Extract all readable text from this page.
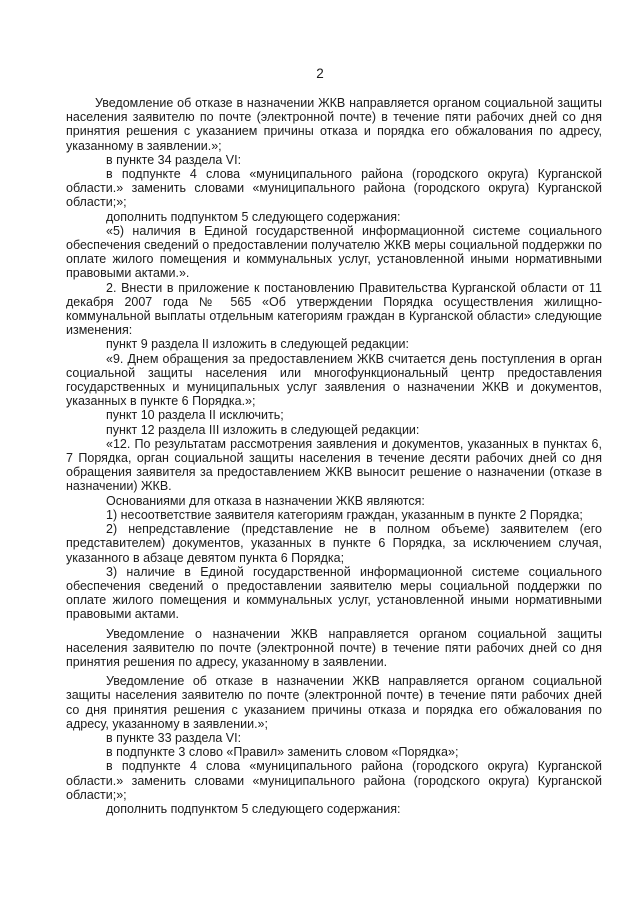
2

Уведомление об отказе в назначении ЖКВ направляется органом социальной защиты населения заявителю по почте (электронной почте) в течение пяти рабочих дней со дня принятия решения с указанием причины отказа и порядка его обжалования по адресу, указанному в заявлении.»;

в пункте 34 раздела VI:

в подпункте 4 слова «муниципального района (городского округа) Курганской области.» заменить словами «муниципального района (городского округа) Курганской области;»;

дополнить подпунктом 5 следующего содержания:

«5) наличия в Единой государственной информационной системе социального обеспечения сведений о предоставлении получателю ЖКВ меры социальной поддержки по оплате жилого помещения и коммунальных услуг, установленной иными нормативными правовыми актами.».

2. Внести в приложение к постановлению Правительства Курганской области от 11 декабря 2007 года № 565 «Об утверждении Порядка осуществления жилищно-коммунальной выплаты отдельным категориям граждан в Курганской области» следующие изменения:

пункт 9 раздела II изложить в следующей редакции:

«9. Днем обращения за предоставлением ЖКВ считается день поступления в орган социальной защиты населения или многофункциональный центр предоставления государственных и муниципальных услуг заявления о назначении ЖКВ и документов, указанных в пункте 6 Порядка.»;

пункт 10 раздела II исключить;

пункт 12 раздела III изложить в следующей редакции:

«12. По результатам рассмотрения заявления и документов, указанных в пунктах 6, 7 Порядка, орган социальной защиты населения в течение десяти рабочих дней со дня обращения заявителя за предоставлением ЖКВ выносит решение о назначении (отказе в назначении) ЖКВ.

Основаниями для отказа в назначении ЖКВ являются:

1) несоответствие заявителя категориям граждан, указанным в пункте 2 Порядка;

2) непредставление (представление не в полном объеме) заявителем (его представителем) документов, указанных в пункте 6 Порядка, за исключением случая, указанного в абзаце девятом пункта 6 Порядка;

3) наличие в Единой государственной информационной системе социального обеспечения сведений о предоставлении заявителю меры социальной поддержки по оплате жилого помещения и коммунальных услуг, установленной иными нормативными правовыми актами.

Уведомление о назначении ЖКВ направляется органом социальной защиты населения заявителю по почте (электронной почте) в течение пяти рабочих дней со дня принятия решения по адресу, указанному в заявлении.

Уведомление об отказе в назначении ЖКВ направляется органом социальной защиты населения заявителю по почте (электронной почте) в течение пяти рабочих дней со дня принятия решения с указанием причины отказа и порядка его обжалования по адресу, указанному в заявлении.»;

в пункте 33 раздела VI:

в подпункте 3 слово «Правил» заменить словом «Порядка»;

в подпункте 4 слова «муниципального района (городского округа) Курганской области.» заменить словами «муниципального района (городского округа) Курганской области;»;

дополнить подпунктом 5 следующего содержания:
